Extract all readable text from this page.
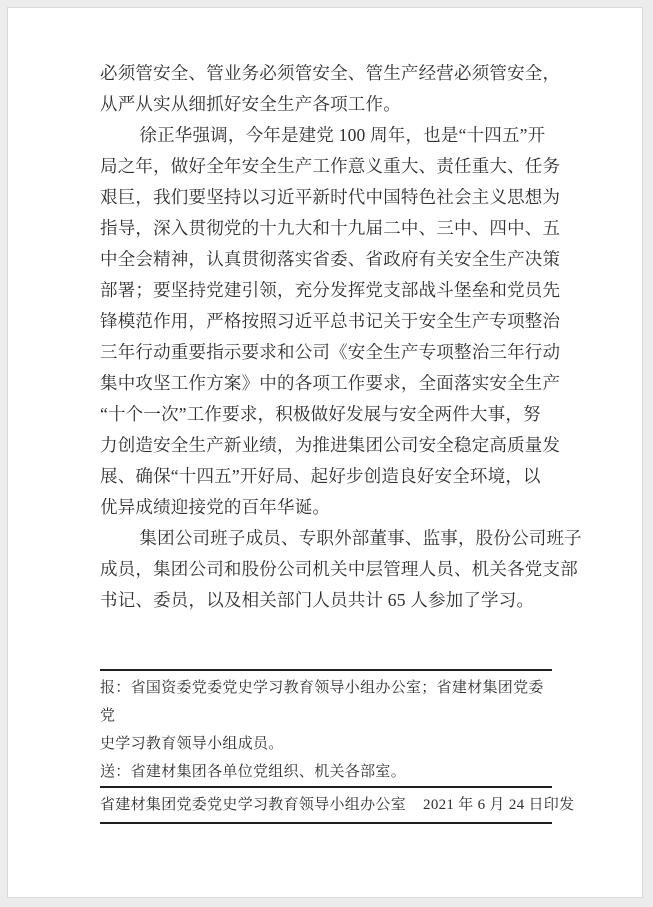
必须管安全、管业务必须管安全、管生产经营必须管安全，
从严从实从细抓好安全生产各项工作。
徐正华强调，今年是建党 100 周年，也是“十四五”开
局之年，做好全年安全生产工作意义重大、责任重大、任务
艰巨，我们要坚持以习近平新时代中国特色社会主义思想为
指导，深入贯彻党的十九大和十九届二中、三中、四中、五
中全会精神，认真贯彻落实省委、省政府有关安全生产决策
部署；要坚持党建引领，充分发挥党支部战斗堡垒和党员先
锋模范作用，严格按照习近平总书记关于安全生产专项整治
三年行动重要指示要求和公司《安全生产专项整治三年行动
集中攻坚工作方案》中的各项工作要求，全面落实安全生产
“十个一次”工作要求，积极做好发展与安全两件大事，努
力创造安全生产新业绩，为推进集团公司安全稳定高质量发
展、确保“十四五”开好局、起好步创造良好安全环境，以
优异成绩迎接党的百年华诞。
集团公司班子成员、专职外部董事、监事，股份公司班子
成员，集团公司和股份公司机关中层管理人员、机关各党支部
书记、委员，以及相关部门人员共计 65 人参加了学习。
报：省国资委党委党史学习教育领导小组办公室；省建材集团党委党
史学习教育领导小组成员。
送：省建材集团各单位党组织、机关各部室。
省建材集团党委党史学习教育领导小组办公室 2021 年 6 月 24 日印发
